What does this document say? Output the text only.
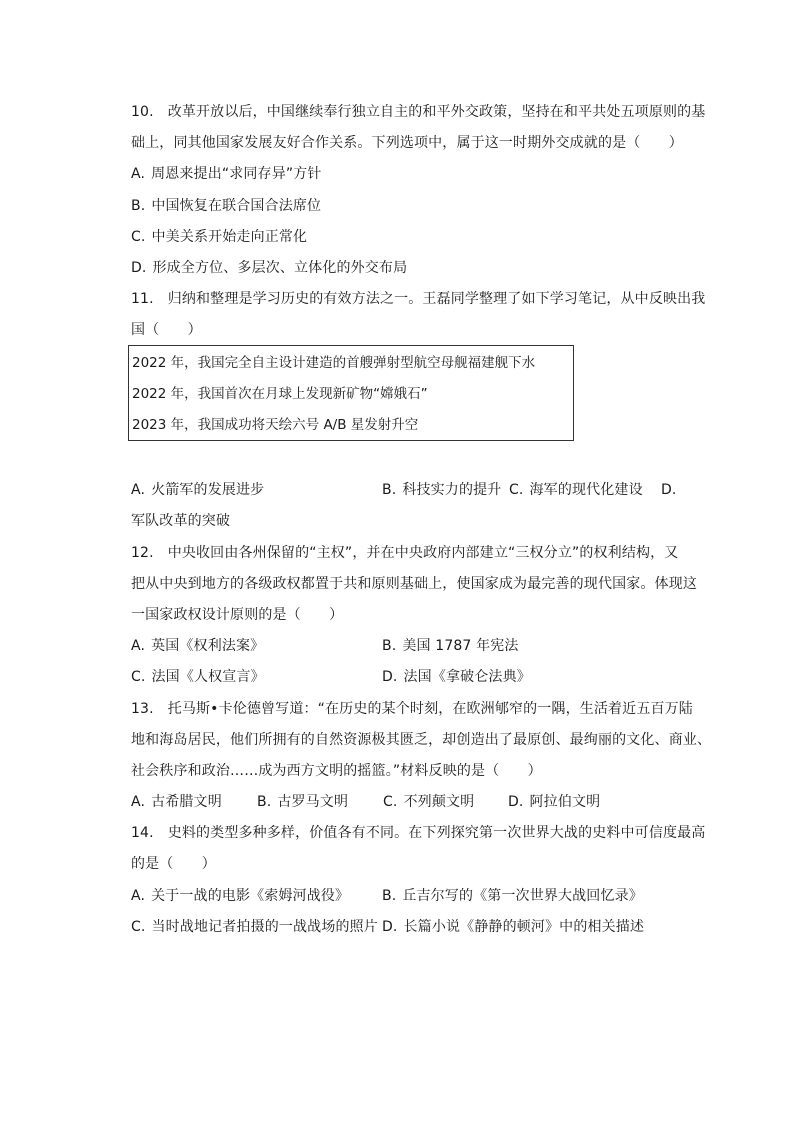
10. 改革开放以后，中国继续奉行独立自主的和平外交政策，坚持在和平共处五项原则的基
础上，同其他国家发展友好合作关系。下列选项中，属于这一时期外交成就的是（　　）
A. 周恩来提出“求同存异”方针
B. 中国恢复在联合国合法席位
C. 中美关系开始走向正常化
D. 形成全方位、多层次、立体化的外交布局
11. 归纳和整理是学习历史的有效方法之一。王磊同学整理了如下学习笔记，从中反映出我
国（　　）
2022 年，我国完全自主设计建造的首艘弹射型航空母舰福建舰下水
2022 年，我国首次在月球上发现新矿物“嫦娥石”
2023 年，我国成功将天绘六号 A/B 星发射升空
A. 火箭军的发展进步	B. 科技实力的提升 C. 海军的现代化建设 D.
军队改革的突破
12. 中央收回由各州保留的“主权”，并在中央政府内部建立“三权分立”的权利结构，又
把从中央到地方的各级政权都置于共和原则基础上，使国家成为最完善的现代国家。体现这
一国家政权设计原则的是（　　）
A. 英国《权利法案》	B. 美国 1787 年宪法
C. 法国《人权宣言》	D. 法国《拿破仑法典》
13. 托马斯•卡伦德曾写道：“在历史的某个时刻，在欧洲郇窄的一隅，生活着近五百万陆
地和海岛居民，他们所拥有的自然资源极其匮乏，却创造出了最原创、最绚丽的文化、商业、
社会秩序和政治……成为西方文明的摇篮。”材料反映的是（　　）
A. 古希腊文明	B. 古罗马文明 C. 不列颠文明 D. 阿拉伯文明
14. 史料的类型多种多样，价值各有不同。在下列探究第一次世界大战的史料中可信度最高
的是（　　）
A. 关于一战的电影《索姆河战役》 B. 丘吉尔写的《第一次世界大战回忆录》
C. 当时战地记者拍摄的一战战场的照片 D. 长篇小说《静静的顿河》中的相关描述
